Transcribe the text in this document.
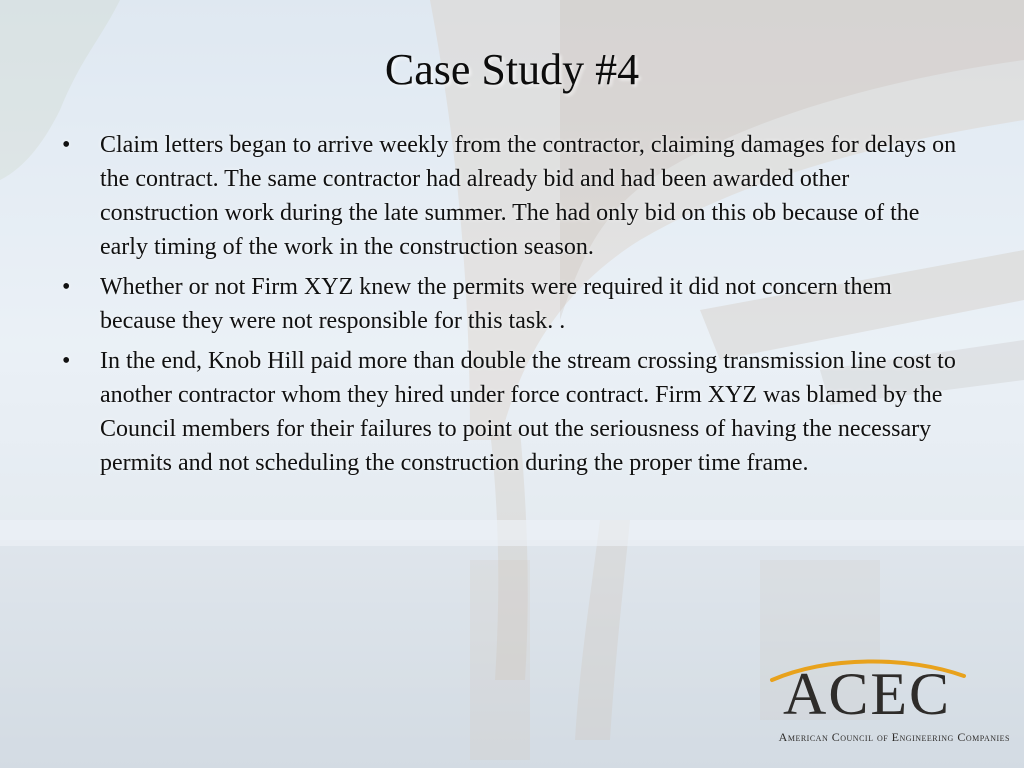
Case Study #4
• Claim letters began to arrive weekly from the contractor, claiming damages for delays on the contract. The same contractor had already bid and had been awarded other construction work during the late summer. The had only bid on this ob because of the early timing of the work in the construction season.
• Whether or not Firm XYZ knew the permits were required it did not concern them because they were not responsible for this task. .
• In the end, Knob Hill paid more than double the stream crossing transmission line cost to another contractor whom they hired under force contract. Firm XYZ was blamed by the Council members for their failures to point out the seriousness of having the necessary permits and not scheduling the construction during the proper time frame.
ACEC
American Council of Engineering Companies
